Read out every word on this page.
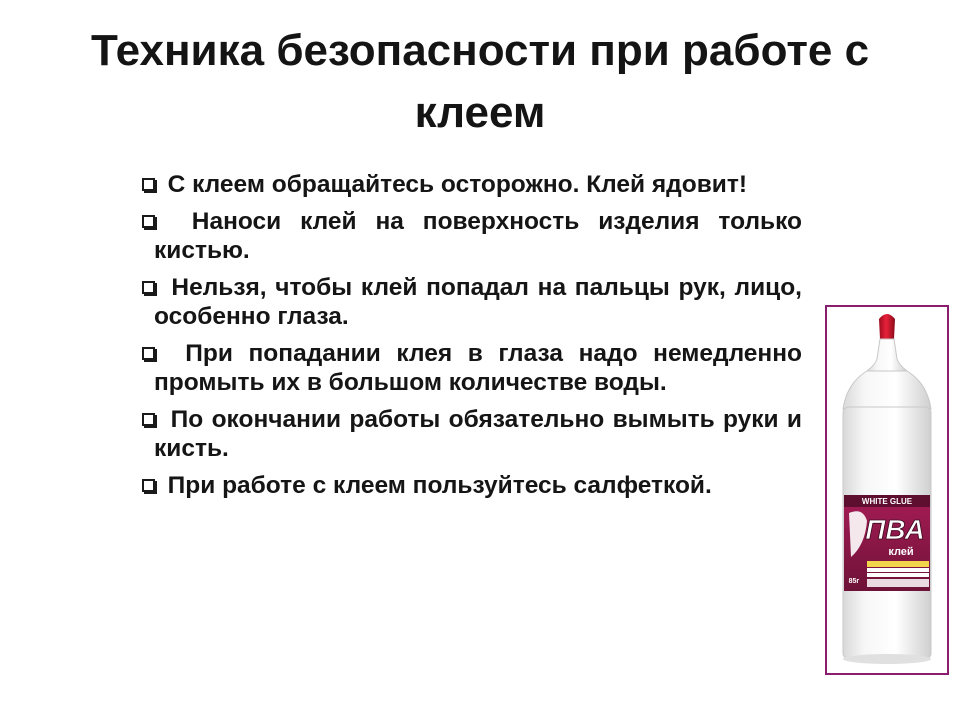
Техника безопасности при работе с клеем
С клеем обращайтесь осторожно. Клей ядовит!
Наноси клей на поверхность изделия только кистью.
Нельзя, чтобы клей попадал на пальцы рук, лицо, особенно глаза.
При попадании клея в глаза надо немедленно промыть их в большом количестве воды.
По окончании работы обязательно вымыть руки и кисть.
При работе с клеем пользуйтесь салфеткой.
WHITE GLUE
ПВА
клей
85г
